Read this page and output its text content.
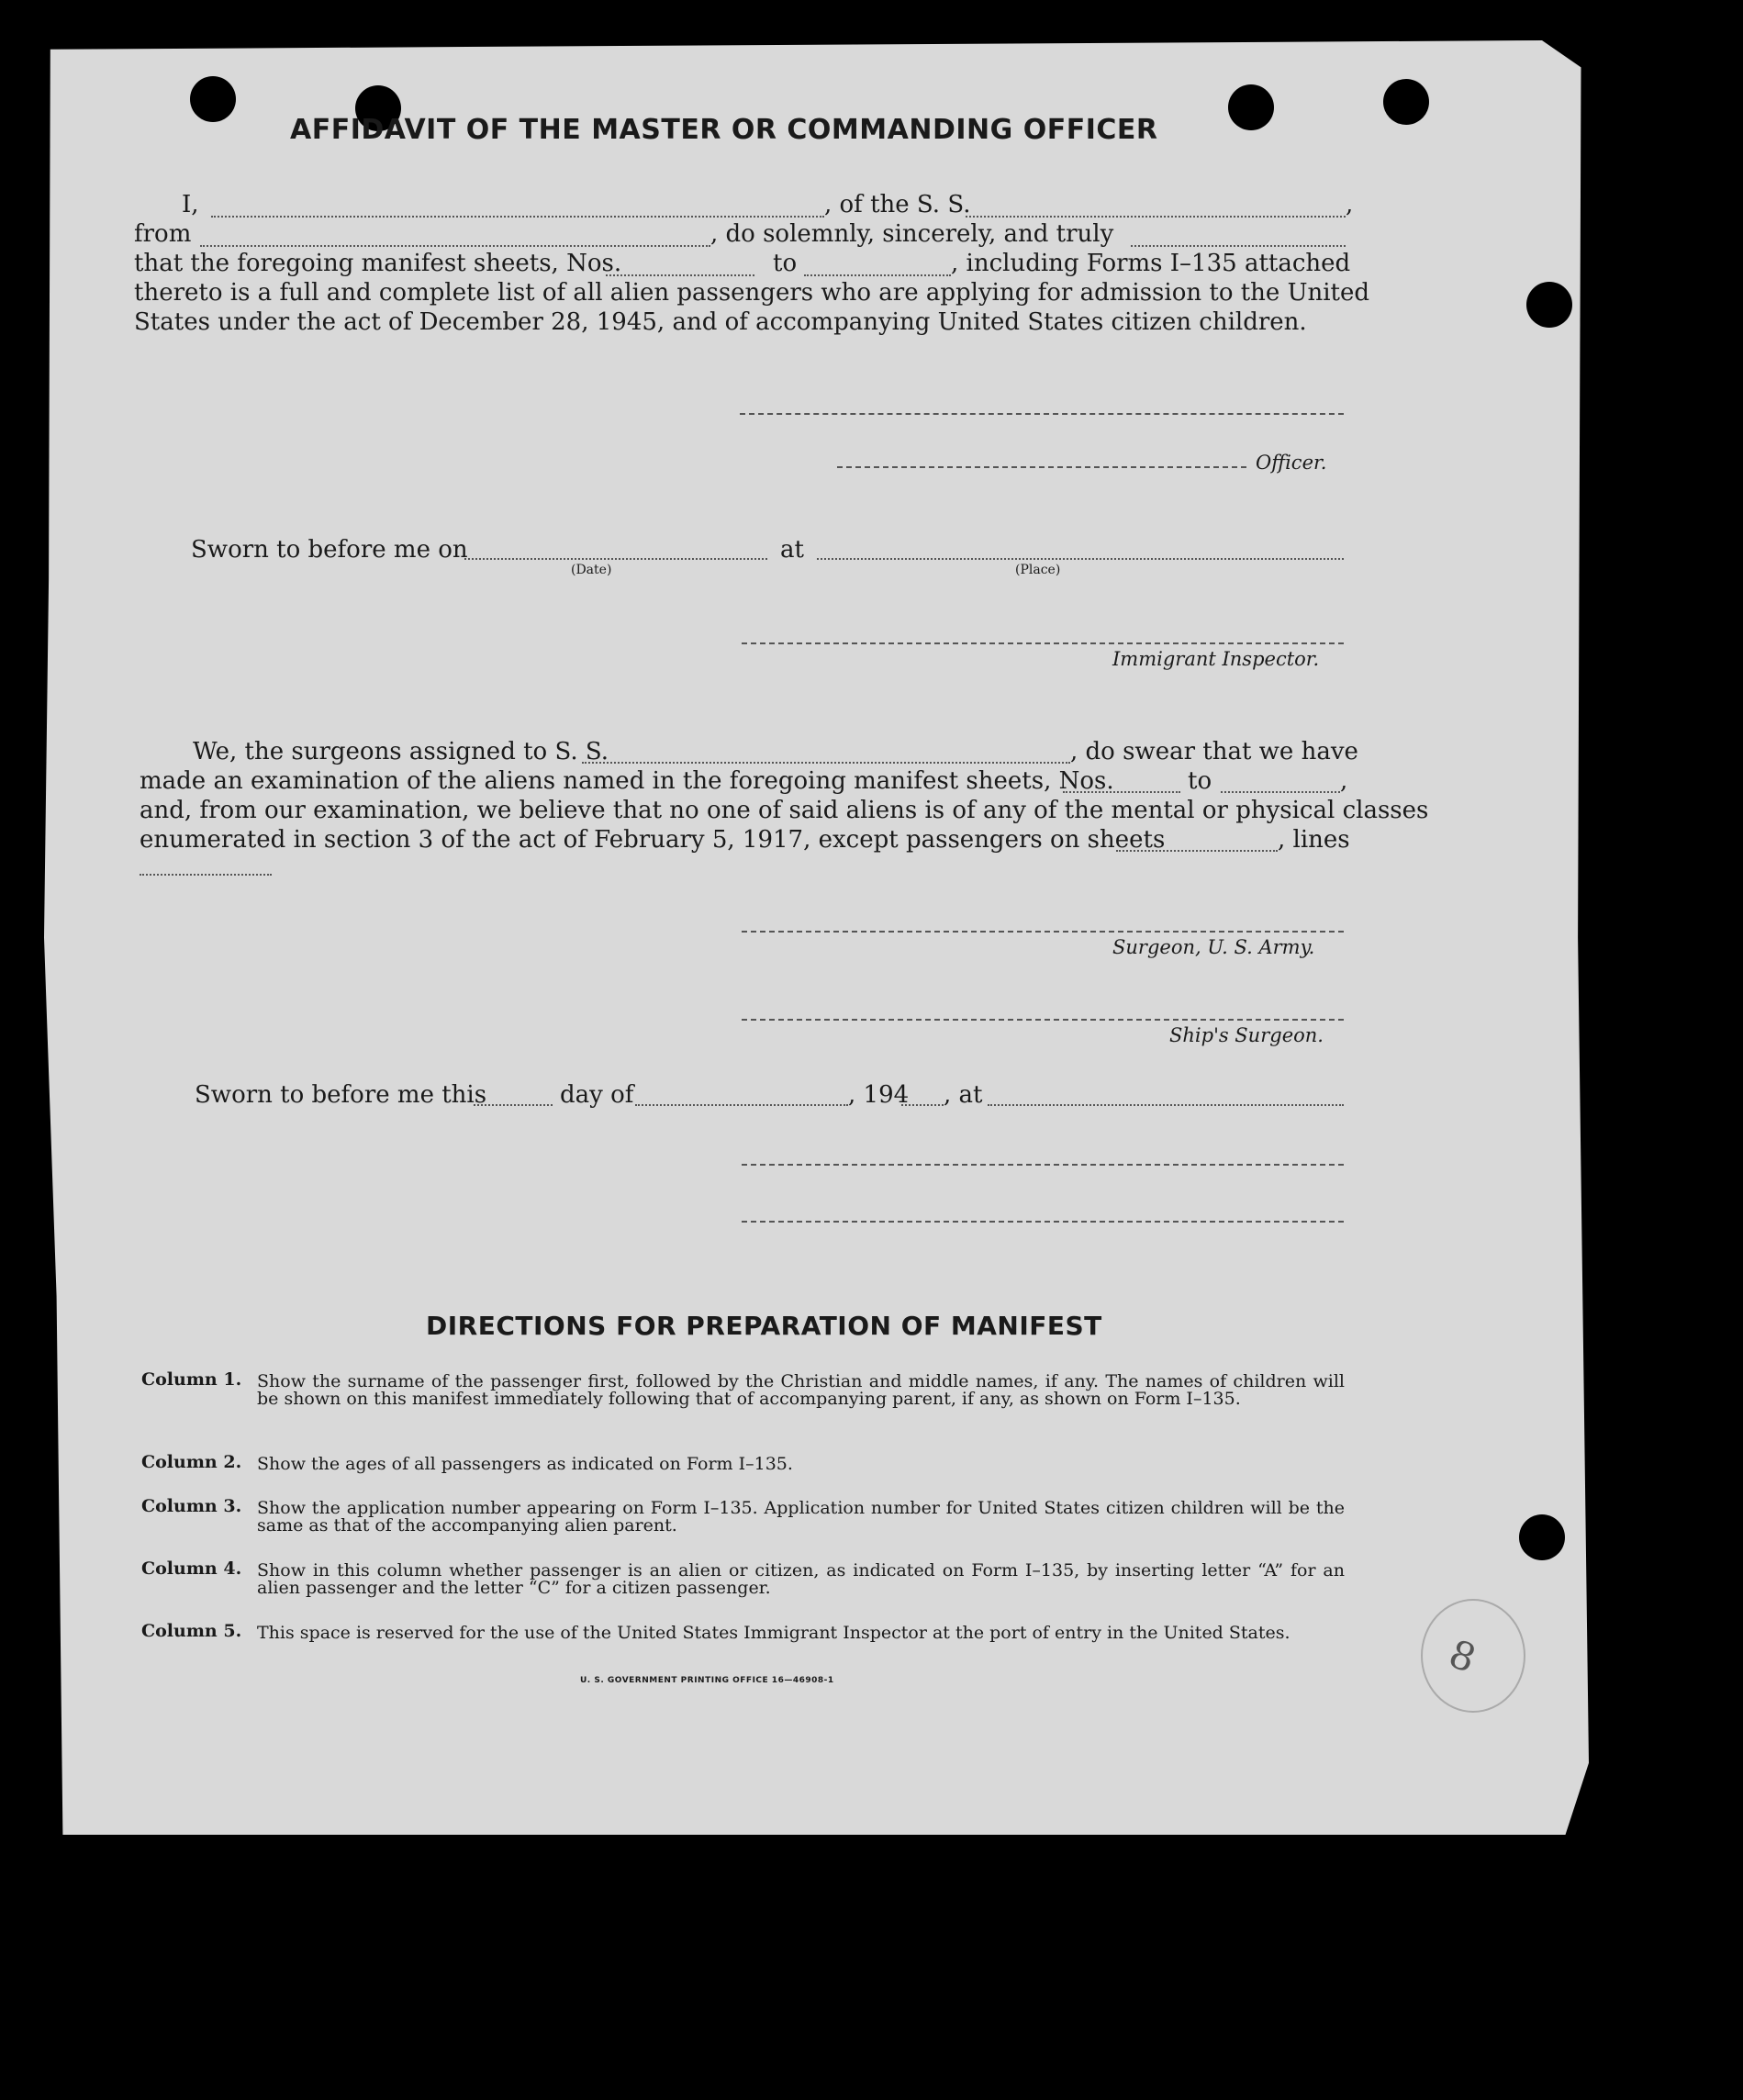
AFFIDAVIT OF THE MASTER OR COMMANDING OFFICER
I,	, of the S. S.	,
from	, do solemnly, sincerely, and truly
that the foregoing manifest sheets, Nos.	to	, including Forms I–135 attached
thereto is a full and complete list of all alien passengers who are applying for admission to the United
States under the act of December 28, 1945, and of accompanying United States citizen children.
Officer.
Sworn to before me on
(Date)
at
(Place)
Immigrant Inspector.
We, the surgeons assigned to S. S.	, do swear that we have
made an examination of the aliens named in the foregoing manifest sheets, Nos.	to	,
and, from our examination, we believe that no one of said aliens is of any of the mental or physical classes
enumerated in section 3 of the act of February 5, 1917, except passengers on sheets	, lines
Surgeon, U. S. Army.
Ship's Surgeon.
Sworn to before me this	day of	, 194 , at
DIRECTIONS FOR PREPARATION OF MANIFEST
Column 1. Show the surname of the passenger first, followed by the Christian and middle names, if any. The names of children will be shown on this manifest immediately following that of accompanying parent, if any, as shown on Form I–135.
Column 2. Show the ages of all passengers as indicated on Form I–135.
Column 3. Show the application number appearing on Form I–135. Application number for United States citizen children will be the same as that of the accompanying alien parent.
Column 4. Show in this column whether passenger is an alien or citizen, as indicated on Form I–135, by inserting letter “A” for an alien passenger and the letter “C” for a citizen passenger.
Column 5. This space is reserved for the use of the United States Immigrant Inspector at the port of entry in the United States.
U. S. GOVERNMENT PRINTING OFFICE 16—46908-1	8
